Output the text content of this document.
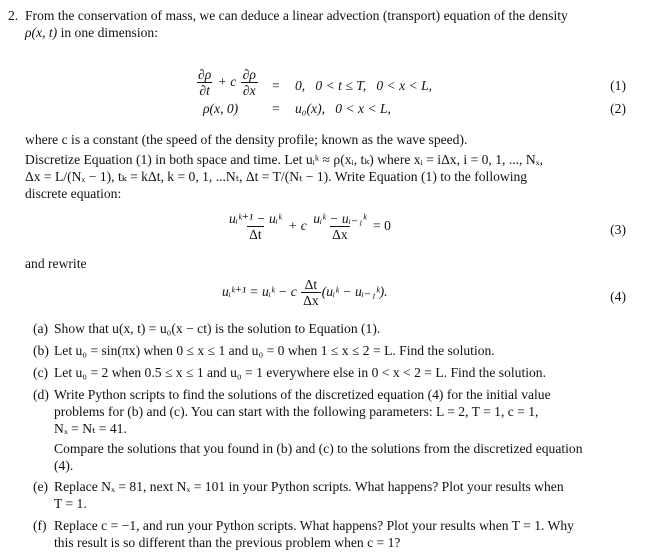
2. From the conservation of mass, we can deduce a linear advection (transport) equation of the density
ρ(x, t) in one dimension:
$\frac{\partial\rho}{\partial t} + c \frac{\partial\rho}{\partial x} = 0$,   0 < t ≤ T,   0 < x < L,	(1)
ρ(x, 0) = u₀(x),   0 < x < L,	(2)
where c is a constant (the speed of the density profile; known as the wave speed).
Discretize Equation (1) in both space and time. Let uᵢᵏ ≈ ρ(xᵢ, tₖ) where xᵢ = iΔx, i = 0, 1, ..., Nₓ,
Δx = L/(Nₓ − 1), tₖ = kΔt, k = 0, 1, ...Nₜ, Δt = T/(Nₜ − 1). Write Equation (1) to the following
discrete equation:
$\frac{\text{uᵢᵏ⁺¹ − uᵢᵏ}}{\Delta t} + c \frac{\text{uᵢᵏ − uᵢ₋₁ᵏ}}{\Delta x} = 0$	(3)
and rewrite
uᵢᵏ⁺¹ = uᵢᵏ − c $\frac{\Delta t}{\Delta x}$ (uᵢᵏ − uᵢ₋₁ᵏ).	(4)
(a) Show that u(x, t) = u₀(x − ct) is the solution to Equation (1).
(b) Let u₀ = sin(πx) when 0 ≤ x ≤ 1 and u₀ = 0 when 1 ≤ x ≤ 2 = L. Find the solution.
(c) Let u₀ = 2 when 0.5 ≤ x ≤ 1 and u₀ = 1 everywhere else in 0 < x < 2 = L. Find the solution.
(d) Write Python scripts to find the solutions of the discretized equation (4) for the initial value
problems for (b) and (c). You can start with the following parameters: L = 2, T = 1, c = 1,
Nₓ = Nₜ = 41.
Compare the solutions that you found in (b) and (c) to the solutions from the discretized equation
(4).
(e) Replace Nₓ = 81, next Nₓ = 101 in your Python scripts. What happens? Plot your results when
T = 1.
(f) Replace c = −1, and run your Python scripts. What happens? Plot your results when T = 1. Why
this result is so different than the previous problem when c = 1?
